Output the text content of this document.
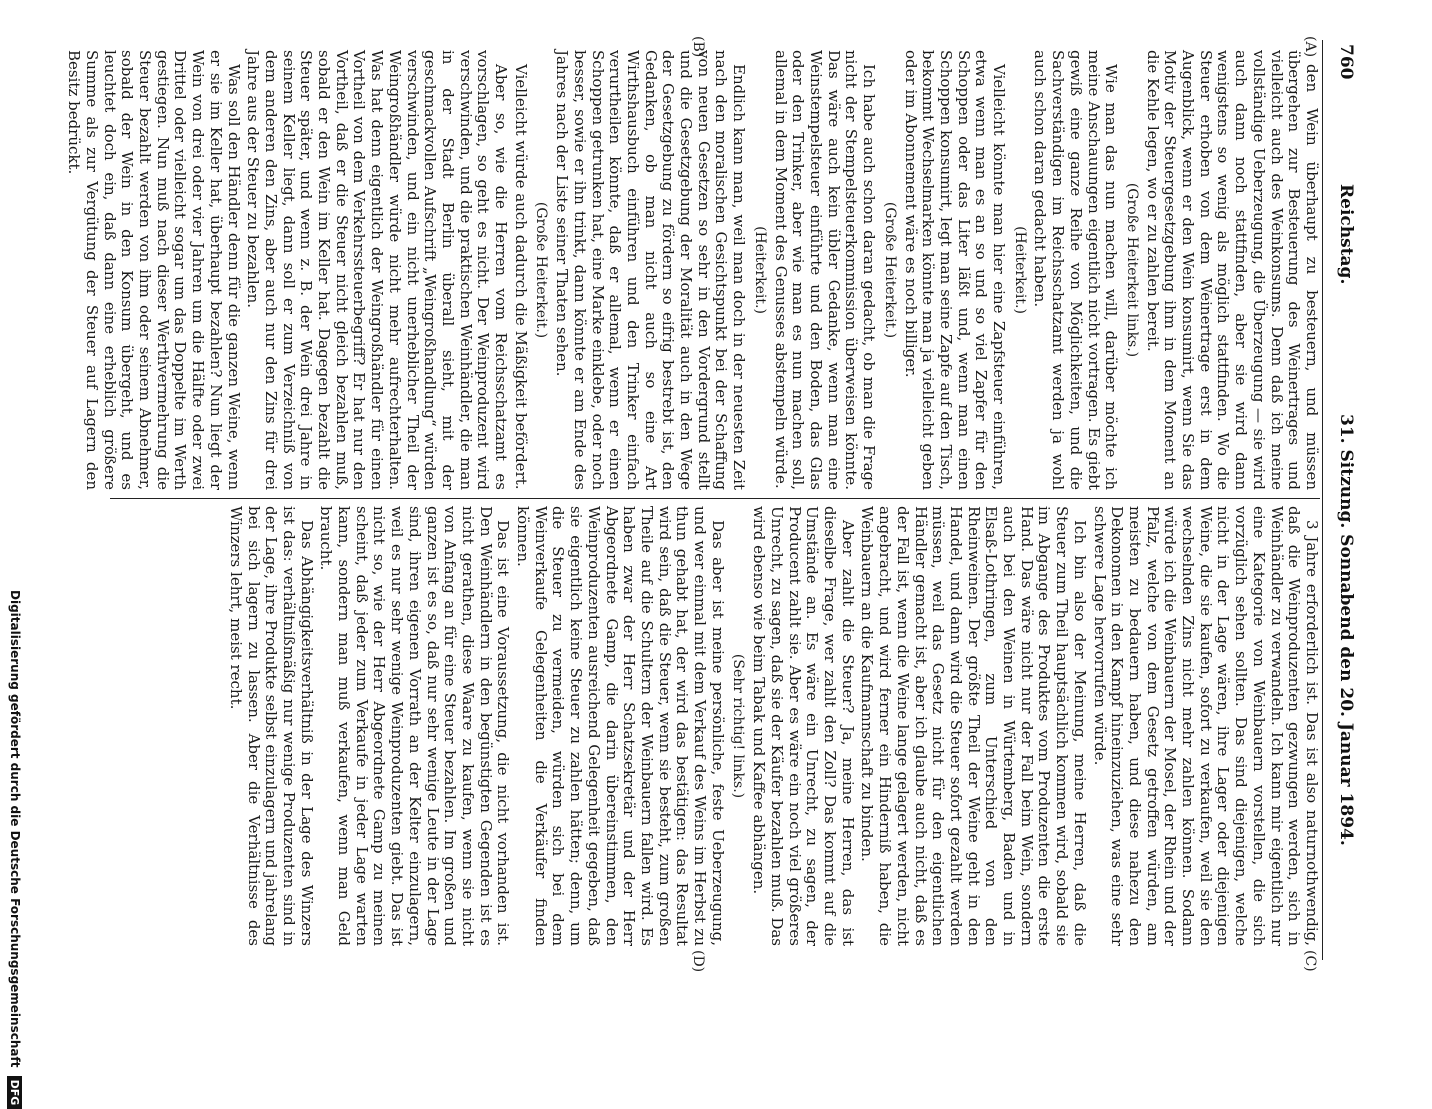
760
Reichstag.
31. Sitzung. Sonnabend den 20. Januar 1894.

den Wein überhaupt zu besteuern, und müssen übergehen zur Besteuerung des Weinertrages und vielleicht auch des Weinkonsums. Denn daß ich meine vollständige Ueberzeugung, die Überzeugung — sie wird auch dann noch stattfinden, aber sie wird dann wenigstens so wenig als möglich stattfinden. Wo die Steuer erhoben von dem Weinertrage erst in dem Augenblick, wenn er den Wein konsumirt, wenn Sie das Motiv der Steuergesetzgebung ihm in dem Moment an die Kehle legen, wo er zu zahlen bereit.

(Große Heiterkeit links.)

Wie man das nun machen will, darüber möchte ich meine Anschauungen eigentlich nicht vortragen. Es giebt gewiß eine ganze Reihe von Möglichkeiten, und die Sachverständigen im Reichsschatzamt werden ja wohl auch schon daran gedacht haben.

(Heiterkeit.)

Vielleicht könnte man hier eine Zapfsteuer einführen, etwa wenn man es an so und so viel Zapfer für den Schoppen oder das Liter läßt und, wenn man einen Schoppen konsumirt, legt man seine Zapfe auf den Tisch, bekommt Wechselmarken könnte man ja vielleicht geben oder im Abonnement wäre es noch billiger.

(Große Heiterkeit.)

Ich habe auch schon daran gedacht, ob man die Frage nicht der Stempelsteuerkommission überweisen könnte. Das wäre auch kein übler Gedanke, wenn man eine Weinstempelsteuer einführte und den Boden, das Glas oder den Trinker, aber wie man es nun machen soll, allemal in dem Moment des Genusses abstempeln würde.

(Heiterkeit.)

Endlich kann man, weil man doch in der neuesten Zeit nach den moralischen Gesichtspunkt bei der Schaffung von neuen Gesetzen so sehr in den Vordergrund stellt und die Gesetzgebung der Moralität auch in den Wege der Gesetzgebung zu fördern so eifrig bestrebt ist, den Gedanken, ob man nicht auch so eine Art Wirthshausbuch einführen und den Trinker einfach verurtheilen könnte, daß er allemal, wenn er einen Schoppen getrunken hat, eine Marke einklebe, oder noch besser, sowie er ihn trinkt, dann könnte er am Ende des Jahres nach der Liste seiner Thaten sehen.

(Große Heiterkeit.)

Vielleicht würde auch dadurch die Mäßigkeit befördert.

Aber so, wie die Herren vom Reichsschatzamt es vorschlagen, so geht es nicht. Der Weinproduzent wird verschwinden, und die praktischen Weinhändler, die man in der Stadt Berlin überall sieht, mit der geschmackvollen Aufschrift „Weingroßhandlung“ würden verschwinden, und ein nicht unerheblicher Theil der Weingroßhändler würde nicht mehr aufrechterhalten. Was hat denn eigentlich der Weingroßhändler für einen Vortheil von dem Verkehrssteuerbegriff? Er hat nur den Vortheil, daß er die Steuer nicht gleich bezahlen muß, sobald er den Wein im Keller hat. Dagegen bezahlt die Steuer später, und wenn z. B. der Wein drei Jahre in seinem Keller liegt, dann soll er zum Verzeichniß von dem anderen den Zins, aber auch nur den Zins für drei Jahre aus der Steuer zu bezahlen.

Was soll den Händler denn für die ganzen Weine, wenn er sie im Keller hat, überhaupt bezahlen? Nun liegt der Wein von drei oder vier Jahren um die Hälfte oder zwei Drittel oder vielleicht sogar um das Doppelte im Werth gestiegen. Nun muß nach dieser Werthvermehrung die Steuer bezahlt werden von ihm oder seinem Abnehmer, sobald der Wein in den Konsum übergeht, und es leuchtet doch ein, daß dann eine erheblich größere Summe als zur Vergütung der Steuer auf Lagern den Besitz bedrückt.

3 Jahre erforderlich ist. Das ist also naturnothwendig, daß die Weinproduzenten gezwungen werden, sich in Weinhändler zu verwandeln. Ich kann mir eigentlich nur eine Kategorie von Weinbauern vorstellen, die sich vorzüglich sehen sollten. Das sind diejenigen, welche nicht in der Lage wären, ihre Lager oder diejenigen Weine, die sie kaufen, sofort zu verkaufen, weil sie den wechselnden Zins nicht mehr zahlen können. Sodann würde ich die Weinbauern der Mosel, der Rhein und der Pfalz, welche von dem Gesetz getroffen würden, am meisten zu bedauern haben, und diese nahezu den Dekonomen in den Kampf hineinzuziehen, was eine sehr schwere Lage hervorrufen würde.

Ich bin also der Meinung, meine Herren, daß die Steuer zum Theil hauptsächlich kommen wird, sobald sie im Abgange des Produktes vom Produzenten die erste Hand. Das wäre nicht nur der Fall beim Wein, sondern auch bei den Weinen in Würtemberg, Baden und in Elsaß-Lothringen, zum Unterschied von den Rheinweinen. Der größte Theil der Weine geht in den Handel, und dann wird die Steuer sofort gezahlt werden müssen, weil das Gesetz nicht für den eigentlichen Händler gemacht ist, aber ich glaube auch nicht, daß es der Fall ist, wenn die Weine lange gelagert werden, nicht angebracht, und wird ferner ein Hinderniß haben, die Weinbauern an die Kaufmannschaft zu binden.

Aber zahlt die Steuer? Ja, meine Herren, das ist dieselbe Frage, wer zahlt den Zoll? Das kommt auf die Umstände an. Es wäre ein Unrecht, zu sagen, der Producent zahlt sie. Aber es wäre ein noch viel größeres Unrecht, zu sagen, daß sie der Käufer bezahlen muß. Das wird ebenso wie beim Tabak und Kaffee abhängen.

(Sehr richtig! links.)

Das aber ist meine persönliche, feste Ueberzeugung, und wer einmal mit dem Verkauf des Weins im Herbst zu thun gehabt hat, der wird das bestätigen: das Resultat wird sein, daß die Steuer, wenn sie besteht, zum großen Theile auf die Schultern der Weinbauern fallen wird. Es haben zwar der Herr Schatzsekretär und der Herr Abgeordnete Gamp, die darin übereinstimmen, den Weinproduzenten ausreichend Gelegenheit gegeben, daß sie eigentlich keine Steuer zu zahlen hätten; denn, um die Steuer zu vermeiden, würden sich bei dem Weinverkaufe Gelegenheiten die Verkäufer finden können.

Das ist eine Voraussetzung, die nicht vorhanden ist. Den Weinhändlern in den begünstigten Gegenden ist es nicht gerathen, diese Waare zu kaufen, wenn sie nicht von Anfang an für eine Steuer bezahlen. Im großen und ganzen ist es so, daß nur sehr wenige Leute in der Lage sind, ihren eigenen Vorrath an der Kelter einzulagern, weil es nur sehr wenige Weinproduzenten giebt. Das ist nicht so, wie der Herr Abgeordnete Gamp zu meinen scheint, daß jeder zum Verkaufe in jeder Lage warten kann, sondern man muß verkaufen, wenn man Geld braucht.

Das Abhängigkeitsverhältniß in der Lage des Winzers ist das: verhältnißmäßig nur wenige Produzenten sind in der Lage, ihre Produkte selbst einzulagern und jahrelang bei sich lagern zu lassen. Aber die Verhältnisse des Winzers lehrt, meist recht.

(A)
(B)
(C)
(D)
Digitalisierung gefördert durch die Deutsche Forschungsgemeinschaft DFG
